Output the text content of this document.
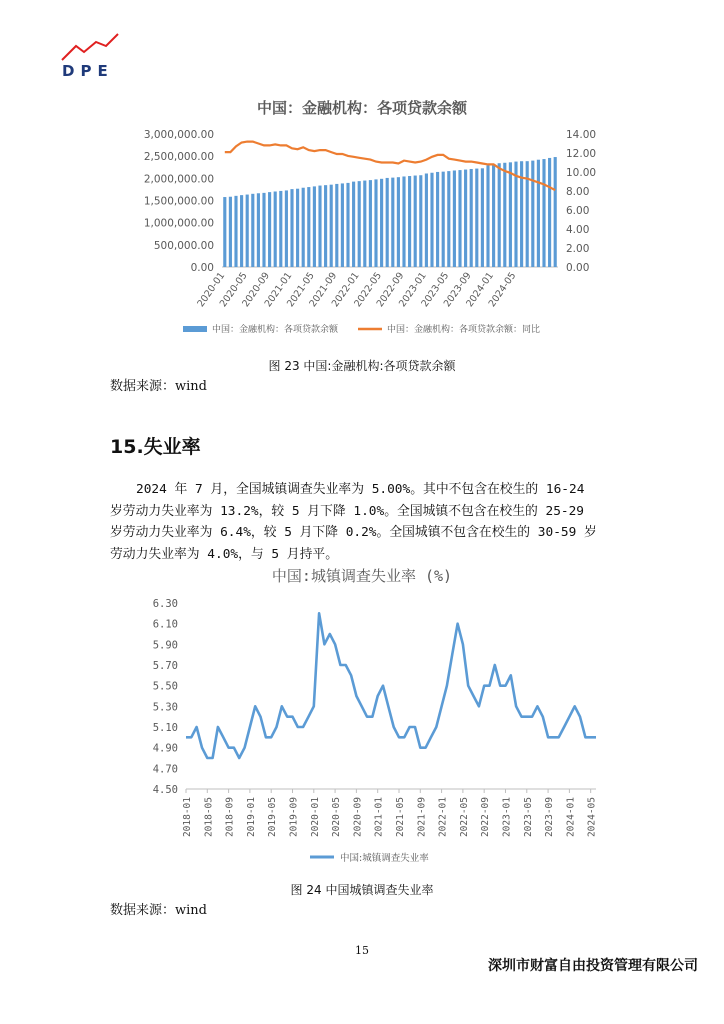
DPE
中国：金融机构：各项贷款余额
0.00
500,000.00
1,000,000.00
1,500,000.00
2,000,000.00
2,500,000.00
3,000,000.00
0.00
2.00
4.00
6.00
8.00
10.00
12.00
14.00
2020-01
2020-05
2020-09
2021-01
2021-05
2021-09
2022-01
2022-05
2022-09
2023-01
2023-05
2023-09
2024-01
2024-05
中国：金融机构：各项贷款余额	中国：金融机构：各项贷款余额：同比
图 23 中国:金融机构:各项贷款余额
数据来源：wind
15.失业率
2024 年 7 月，全国城镇调查失业率为 5.00%。其中不包含在校生的 16-24
岁劳动力失业率为 13.2%，较 5 月下降 1.0%。全国城镇不包含在校生的 25-29
岁劳动力失业率为 6.4%，较 5 月下降 0.2%。全国城镇不包含在校生的 30-59 岁
劳动力失业率为 4.0%，与 5 月持平。
中国:城镇调查失业率 (%)
4.50
4.70
4.90
5.10
5.30
5.50
5.70
5.90
6.10
6.30
2018-01 2018-05 2018-09 2019-01 2019-05 2019-09 2020-01 2020-05 2020-09 2021-01 2021-05 2021-09 2022-01 2022-05 2022-09 2023-01 2023-05 2023-09 2024-01 2024-05
中国:城镇调查失业率
图 24 中国城镇调查失业率
数据来源：wind
15
深圳市财富自由投资管理有限公司
